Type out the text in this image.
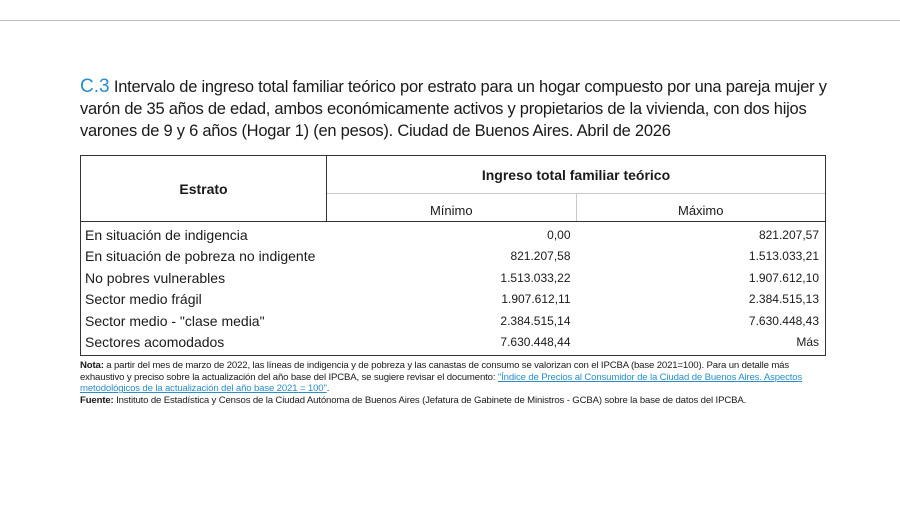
C.3 Intervalo de ingreso total familiar teórico por estrato para un hogar compuesto por una pareja mujer y varón de 35 años de edad, ambos económicamente activos y propietarios de la vivienda, con dos hijos varones de 9 y 6 años (Hogar 1) (en pesos). Ciudad de Buenos Aires. Abril de 2026
Estrato
Ingreso total familiar teórico
Mínimo	Máximo
En situación de indigencia	0,00	821.207,57
En situación de pobreza no indigente	821.207,58	1.513.033,21
No pobres vulnerables	1.513.033,22	1.907.612,10
Sector medio frágil	1.907.612,11	2.384.515,13
Sector medio - "clase media"	2.384.515,14	7.630.448,43
Sectores acomodados	7.630.448,44	Más

Nota: a partir del mes de marzo de 2022, las líneas de indigencia y de pobreza y las canastas de consumo se valorizan con el IPCBA (base 2021=100). Para un detalle más exhaustivo y preciso sobre la actualización del año base del IPCBA, se sugiere revisar el documento: "Índice de Precios al Consumidor de la Ciudad de Buenos Aires. Aspectos metodológicos de la actualización del año base 2021 = 100".

Fuente: Instituto de Estadística y Censos de la Ciudad Autónoma de Buenos Aires (Jefatura de Gabinete de Ministros - GCBA) sobre la base de datos del IPCBA.
